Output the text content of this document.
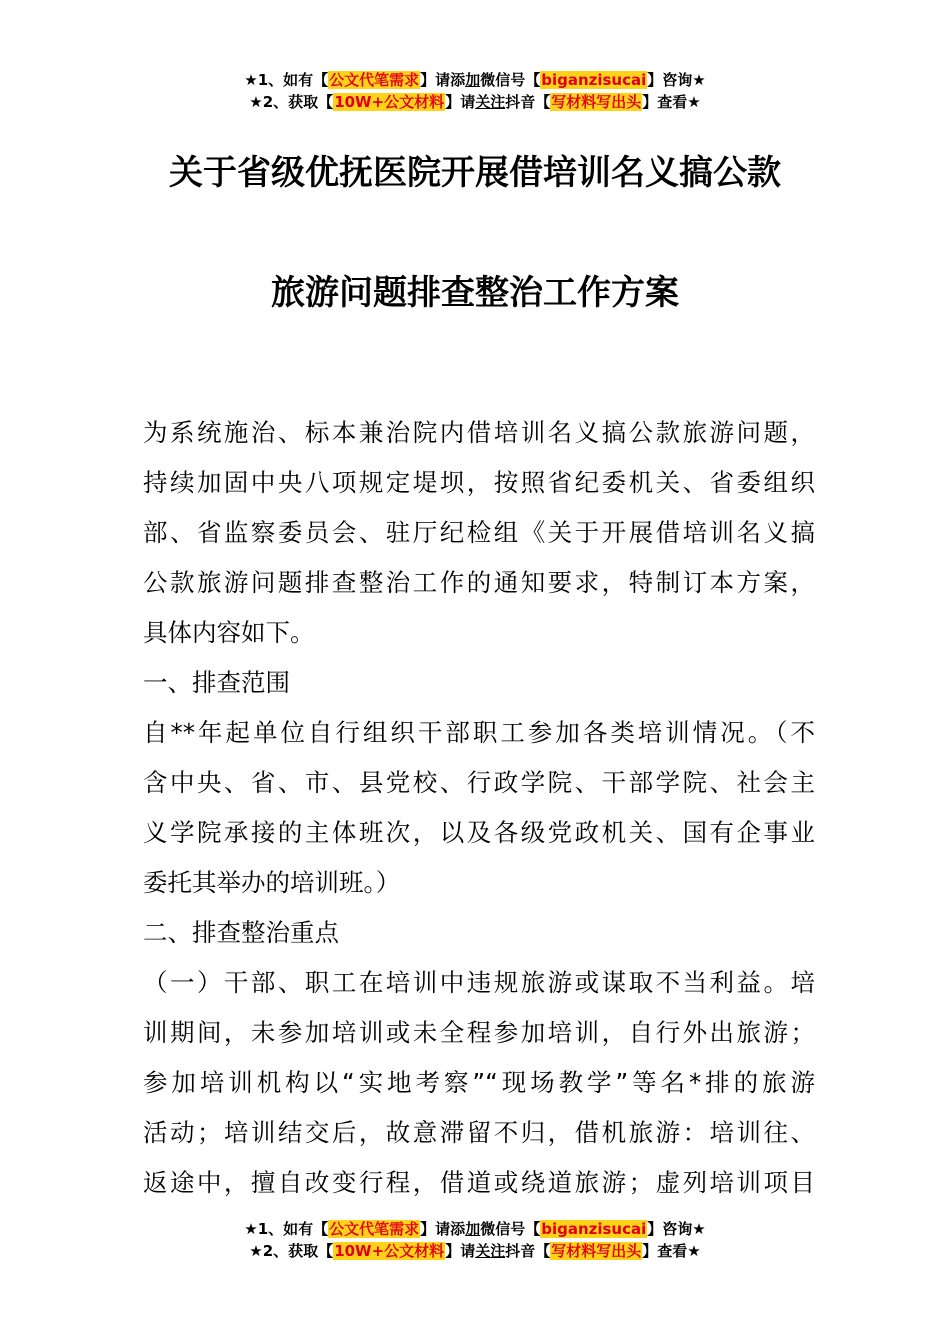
★1、如有【公文代笔需求】请添加微信号【biganzisucai】咨询★
★2、获取【10W+公文材料】请关注抖音【写材料写出头】查看★
关于省级优抚医院开展借培训名义搞公款
旅游问题排查整治工作方案
为系统施治、标本兼治院内借培训名义搞公款旅游问题，
持续加固中央八项规定堤坝，按照省纪委机关、省委组织
部、省监察委员会、驻厅纪检组《关于开展借培训名义搞
公款旅游问题排查整治工作的通知要求，特制订本方案，
具体内容如下。
一、排查范围
自**年起单位自行组织干部职工参加各类培训情况。（不
含中央、省、市、县党校、行政学院、干部学院、社会主
义学院承接的主体班次，以及各级党政机关、国有企事业
委托其举办的培训班。）
二、排查整治重点
（一）干部、职工在培训中违规旅游或谋取不当利益。培
训期间，未参加培训或未全程参加培训，自行外出旅游；
参加培训机构以“实地考察”“现场教学”等名*排的旅游
活动；培训结交后，故意滞留不归，借机旅游：培训往、
返途中，擅自改变行程，借道或绕道旅游；虚列培训项目
★1、如有【公文代笔需求】请添加微信号【biganzisucai】咨询★
★2、获取【10W+公文材料】请关注抖音【写材料写出头】查看★
